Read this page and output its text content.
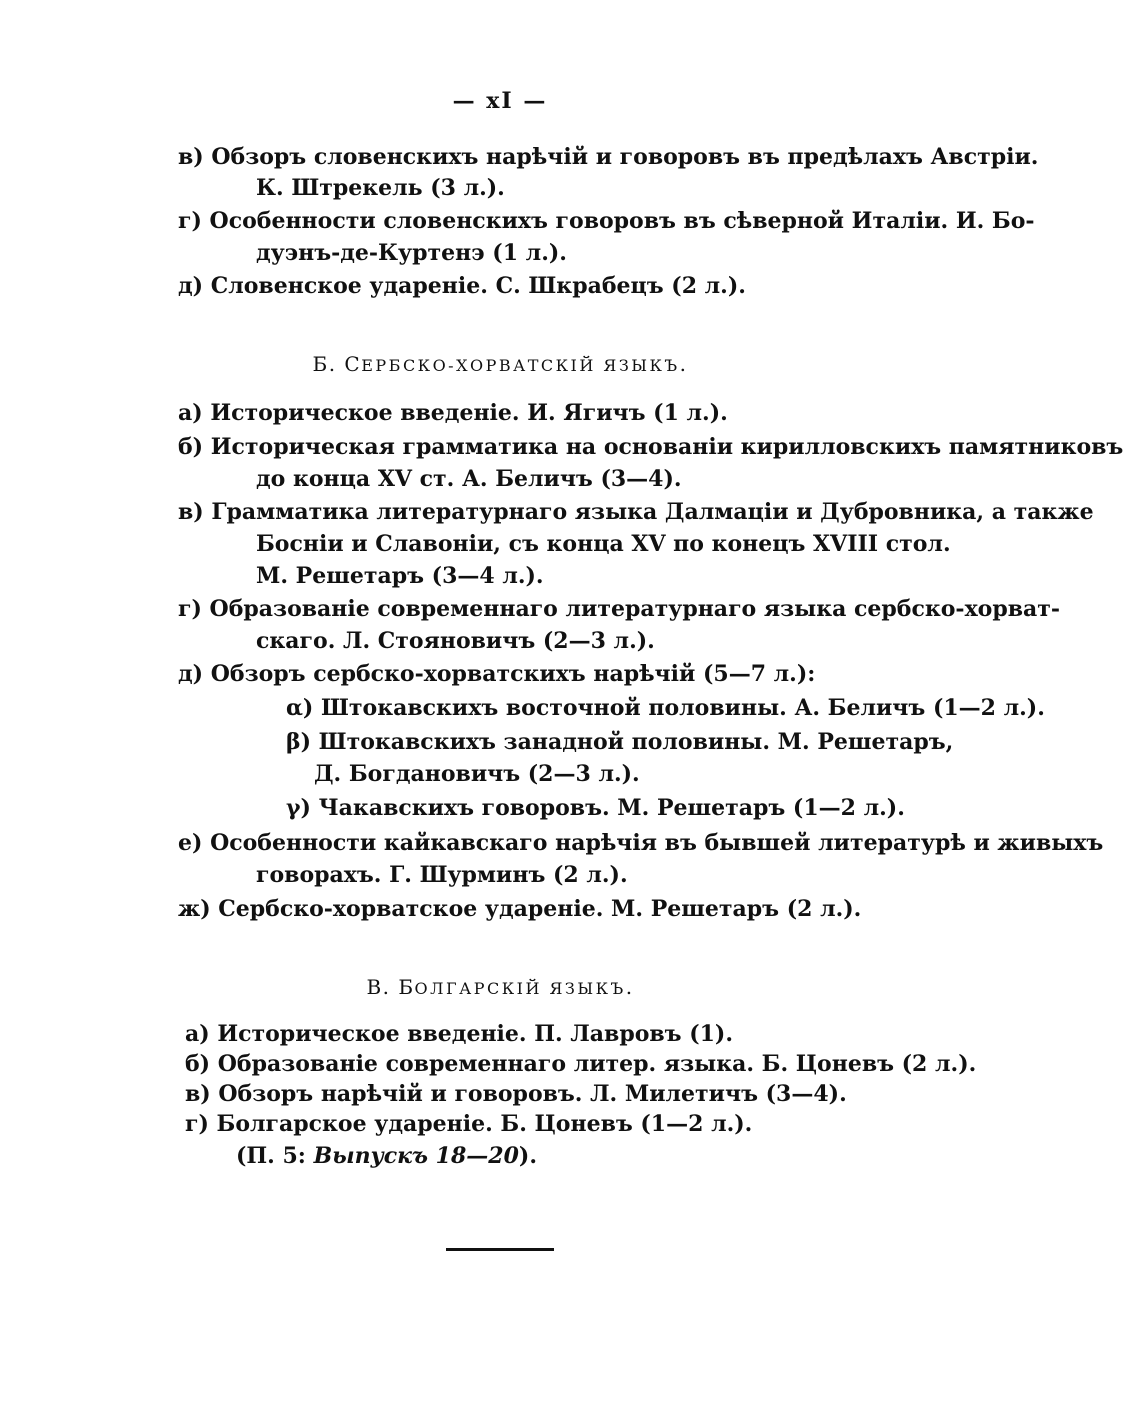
— xI —
в) Обзоръ словенскихъ нарѣчій и говоровъ въ предѣлахъ Австріи.
К. Штрекель (3 л.).
г) Особенности словенскихъ говоровъ въ сѣверной Италіи. И. Бо-
дуэнъ-де-Куртенэ (1 л.).
д) Словенское удареніе. С. Шкрабецъ (2 л.).
Б. СЕРБСКО-ХОРВАТСКІЙ ЯЗЫКЪ.
а) Историческое введеніе. И. Ягичъ (1 л.).
б) Историческая грамматика на основаніи кирилловскихъ памятниковъ
до конца XV ст. А. Беличъ (3—4).
в) Грамматика литературнаго языка Далмаціи и Дубровника, а также
Босніи и Славоніи, съ конца XV по конецъ XVIII стол.
М. Решетаръ (3—4 л.).
г) Образованіе современнаго литературнаго языка сербско-хорват-
скаго. Л. Стояновичъ (2—3 л.).
д) Обзоръ сербско-хорватскихъ нарѣчій (5—7 л.):
α) Штокавскихъ восточной половины. А. Беличъ (1—2 л.).
β) Штокавскихъ занадной половины. М. Решетаръ,
Д. Богдановичъ (2—3 л.).
γ) Чакавскихъ говоровъ. М. Решетаръ (1—2 л.).
е) Особенности кайкавскаго нарѣчія въ бывшей литературѣ и живыхъ
говорахъ. Г. Шурминъ (2 л.).
ж) Сербско-хорватское удареніе. М. Решетаръ (2 л.).
В. БОЛГАРСКІЙ ЯЗЫКЪ.
а) Историческое введеніе. П. Лавровъ (1).
б) Образованіе современнаго литер. языка. Б. Цоневъ (2 л.).
в) Обзоръ нарѣчій и говоровъ. Л. Милетичъ (3—4).
г) Болгарское удареніе. Б. Цоневъ (1—2 л.).
(П. 5: Выпускъ 18—20).
